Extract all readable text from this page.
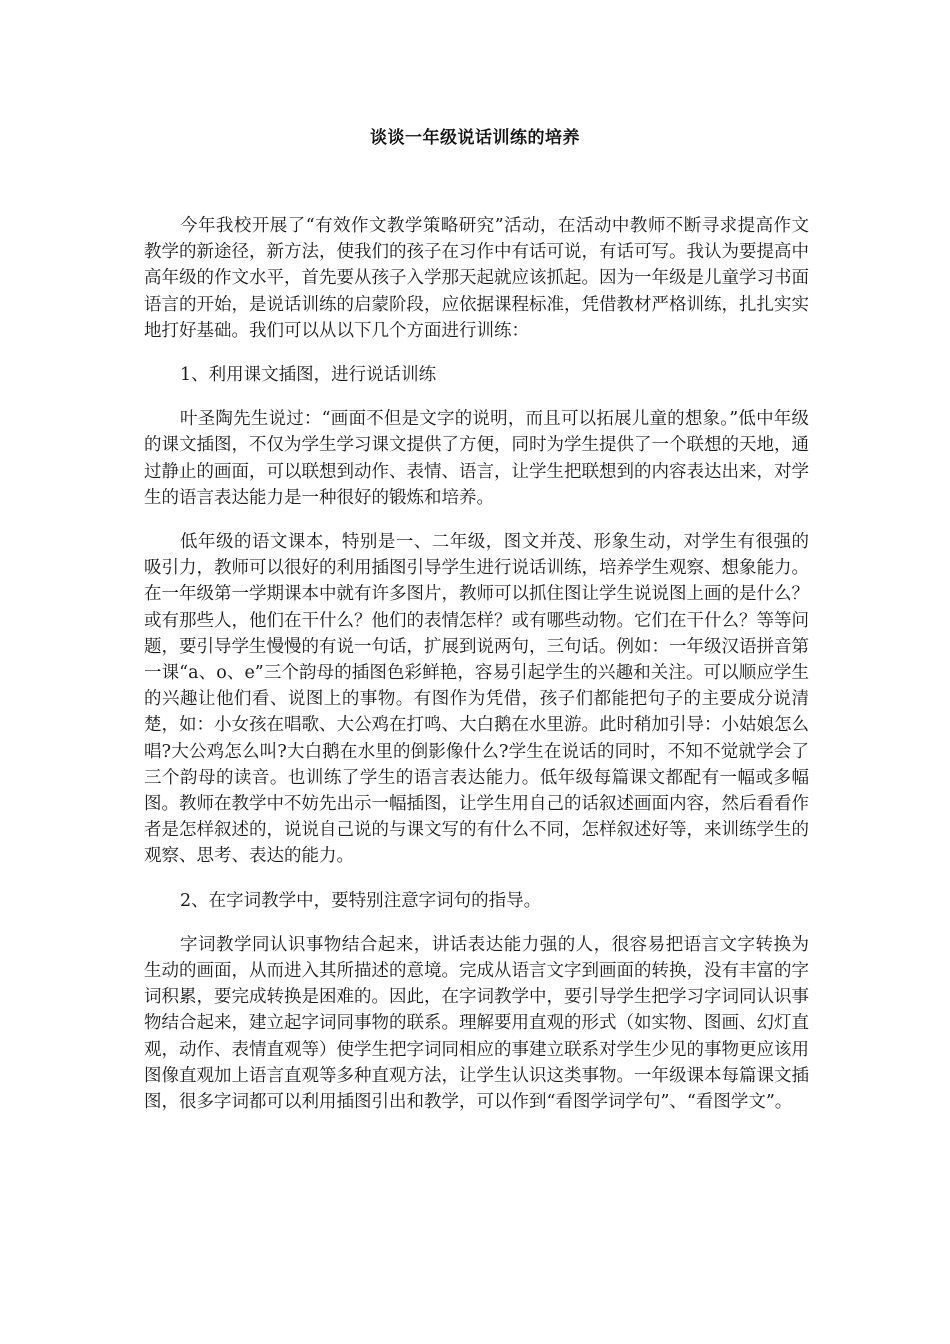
谈谈一年级说话训练的培养

今年我校开展了“有效作文教学策略研究”活动，在活动中教师不断寻求提高作文教学的新途径，新方法，使我们的孩子在习作中有话可说，有话可写。我认为要提高中高年级的作文水平，首先要从孩子入学那天起就应该抓起。因为一年级是儿童学习书面语言的开始，是说话训练的启蒙阶段，应依据课程标准，凭借教材严格训练，扎扎实实地打好基础。我们可以从以下几个方面进行训练：

1、利用课文插图，进行说话训练

叶圣陶先生说过：“画面不但是文字的说明，而且可以拓展儿童的想象。”低中年级的课文插图，不仅为学生学习课文提供了方便，同时为学生提供了一个联想的天地，通过静止的画面，可以联想到动作、表情、语言，让学生把联想到的内容表达出来，对学生的语言表达能力是一种很好的锻炼和培养。

低年级的语文课本，特别是一、二年级，图文并茂、形象生动，对学生有很强的吸引力，教师可以很好的利用插图引导学生进行说话训练，培养学生观察、想象能力。在一年级第一学期课本中就有许多图片，教师可以抓住图让学生说说图上画的是什么？或有那些人，他们在干什么？他们的表情怎样？或有哪些动物。它们在干什么？等等问题，要引导学生慢慢的有说一句话，扩展到说两句，三句话。例如：一年级汉语拼音第一课“a、o、e”三个韵母的插图色彩鲜艳，容易引起学生的兴趣和关注。可以顺应学生的兴趣让他们看、说图上的事物。有图作为凭借，孩子们都能把句子的主要成分说清楚，如：小女孩在唱歌、大公鸡在打鸣、大白鹅在水里游。此时稍加引导：小姑娘怎么唱?大公鸡怎么叫?大白鹅在水里的倒影像什么?学生在说话的同时，不知不觉就学会了三个韵母的读音。也训练了学生的语言表达能力。低年级每篇课文都配有一幅或多幅图。教师在教学中不妨先出示一幅插图，让学生用自己的话叙述画面内容，然后看看作者是怎样叙述的，说说自己说的与课文写的有什么不同，怎样叙述好等，来训练学生的观察、思考、表达的能力。

2、在字词教学中，要特别注意字词句的指导。

字词教学同认识事物结合起来，讲话表达能力强的人，很容易把语言文字转换为生动的画面，从而进入其所描述的意境。完成从语言文字到画面的转换，没有丰富的字词积累，要完成转换是困难的。因此，在字词教学中，要引导学生把学习字词同认识事物结合起来，建立起字词同事物的联系。理解要用直观的形式（如实物、图画、幻灯直观，动作、表情直观等）使学生把字词同相应的事建立联系对学生少见的事物更应该用图像直观加上语言直观等多种直观方法，让学生认识这类事物。一年级课本每篇课文插图，很多字词都可以利用插图引出和教学，可以作到“看图学词学句”、“看图学文”。
